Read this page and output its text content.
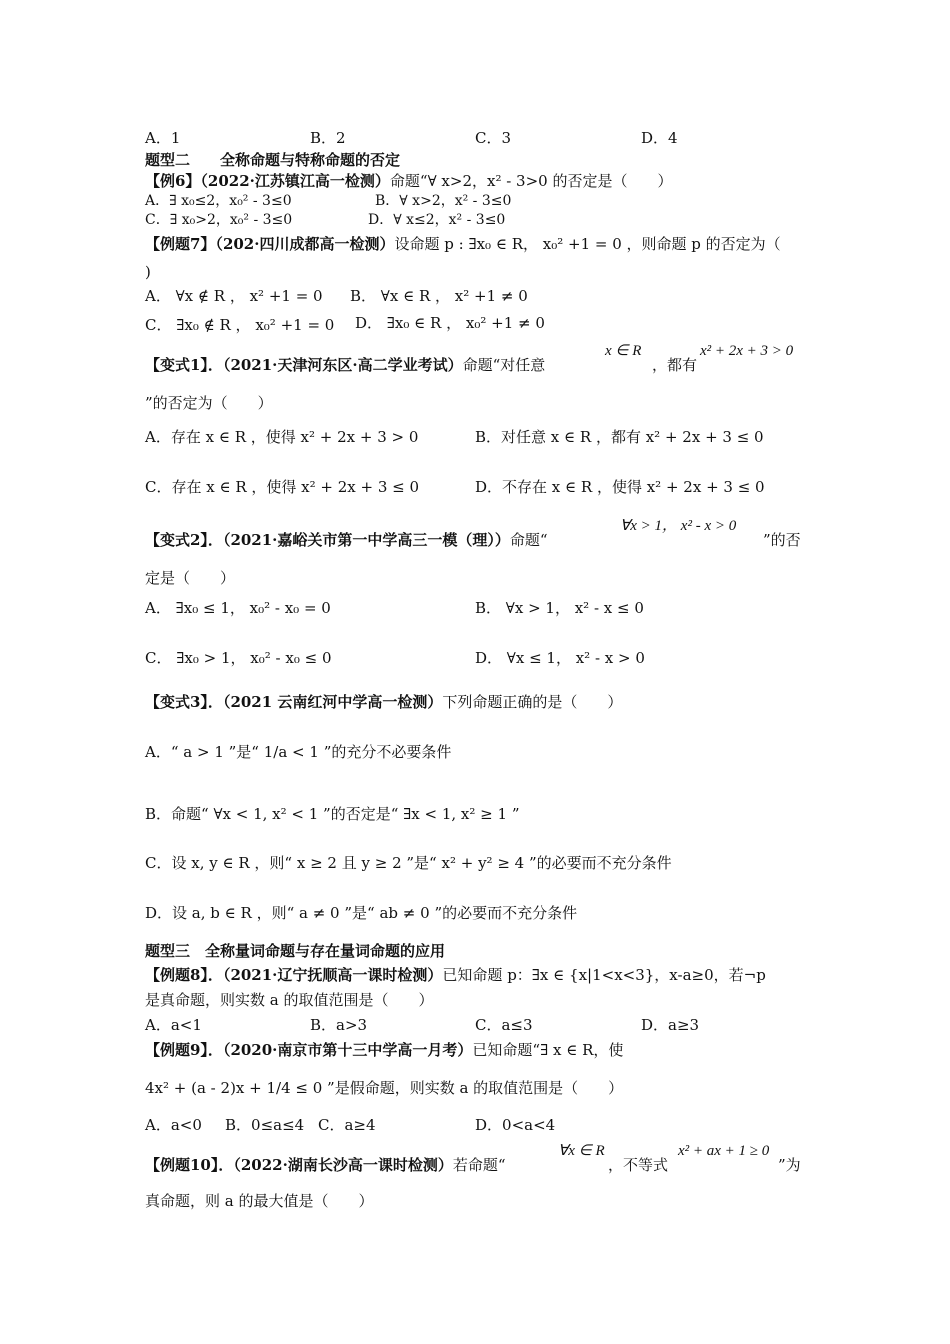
A．1	B．2	C．3	D．4
题型二　　全称命题与特称命题的否定
【例6】（2022·江苏镇江高一检测）命题“∀ x>2，x² - 3>0 的否定是（　　）
A．∃ x₀≤2，x₀² - 3≤0	B．∀ x>2，x² - 3≤0
C．∃ x₀>2，x₀² - 3≤0	D．∀ x≤2，x² - 3≤0
【例题7】（202·四川成都高一检测）设命题 p : ∃x₀ ∈ R， x₀² +1 = 0 ，则命题 p 的否定为（
)
A． ∀x ∉ R ， x² +1 = 0 B． ∀x ∈ R ， x² +1 ≠ 0
C． ∃x₀ ∉ R ， x₀² +1 = 0 D． ∃x₀ ∈ R ， x₀² +1 ≠ 0
【变式1】．（2021·天津河东区·高二学业考试）命题“对任意
x ∈ R
，都有
x² + 2x + 3 > 0
”的否定为（　　）
A．存在 x ∈ R ，使得 x² + 2x + 3 > 0	B．对任意 x ∈ R ，都有 x² + 2x + 3 ≤ 0
C．存在 x ∈ R ，使得 x² + 2x + 3 ≤ 0	D．不存在 x ∈ R ，使得 x² + 2x + 3 ≤ 0
【变式2】．（2021·嘉峪关市第一中学高三一模（理））命题“
∀x > 1， x² - x > 0
”的否
定是（　　）
A． ∃x₀ ≤ 1， x₀² - x₀ = 0	B． ∀x > 1， x² - x ≤ 0
C． ∃x₀ > 1， x₀² - x₀ ≤ 0	D． ∀x ≤ 1， x² - x > 0
【变式3】．（2021 云南红河中学高一检测）下列命题正确的是（　　）
A．“ a > 1 ”是“ 1/a < 1 ”的充分不必要条件
B．命题“ ∀x < 1, x² < 1 ”的否定是“ ∃x < 1, x² ≥ 1 ”
C．设 x, y ∈ R ，则“ x ≥ 2 且 y ≥ 2 ”是“ x² + y² ≥ 4 ”的必要而不充分条件
D．设 a, b ∈ R ，则“ a ≠ 0 ”是“ ab ≠ 0 ”的必要而不充分条件
题型三　全称量词命题与存在量词命题的应用
【例题8】．（2021·辽宁抚顺高一课时检测）已知命题 p：∃x ∈ {x|1<x<3}，x-a≥0，若¬p
是真命题，则实数 a 的取值范围是（　　）
A．a<1	B．a>3	C．a≤3	D．a≥3
【例题9】．（2020·南京市第十三中学高一月考）已知命题“∃ x ∈ R，使
4x² + (a - 2)x + 1/4 ≤ 0 ”是假命题，则实数 a 的取值范围是（　　）
A．a<0 B．0≤a≤4 C．a≥4	D．0<a<4
【例题10】．（2022·湖南长沙高一课时检测）若命题“
∀x ∈ R
，不等式
x² + ax + 1 ≥ 0
”为
真命题，则 a 的最大值是（　　）
